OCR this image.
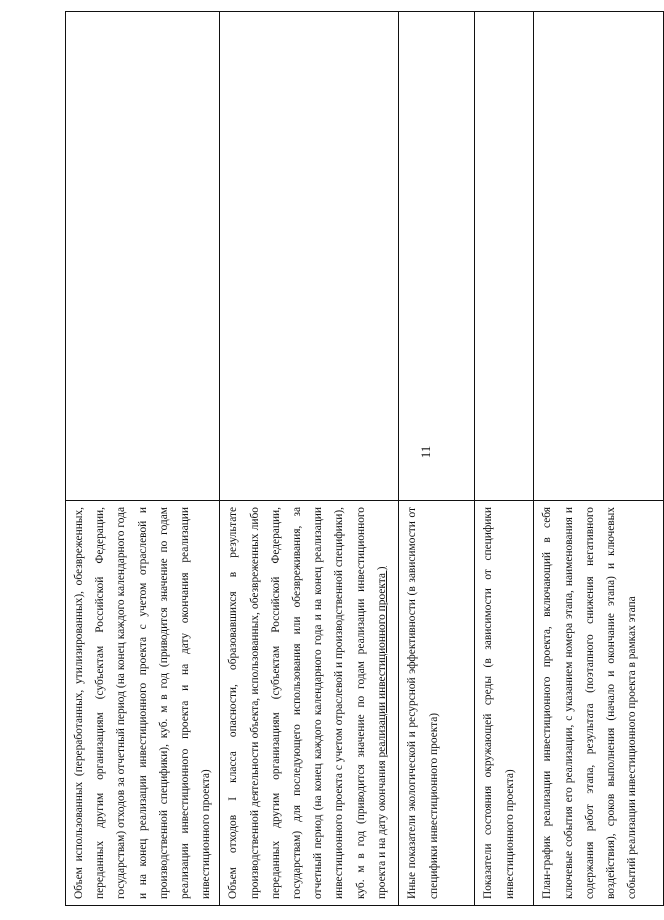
11
Объем использованных (переработанных, утилизированных), обезвреженных, переданных другим организациям (субъектам Российской Федерации, государствам) отходов за отчетный период (на конец каждого календарного года и на конец реализации инвестиционного проекта с учетом отраслевой и производственной специфики), куб. м в год (приводится значение по годам реализации инвестиционного проекта и на дату окончания реализации инвестиционного проекта)	
Объем отходов I класса опасности, образовавшихся в результате производственной деятельности объекта, использованных, обезвреженных либо переданных другим организациям (субъектам Российской Федерации, государствам) для последующего использования или обезвреживания, за отчетный период (на конец каждого календарного года и на конец реализации инвестиционного проекта с учетом отраслевой и производственной специфики), куб. м в год (приводится значение по годам реализации инвестиционного проекта и на дату окончания реализации инвестиционного проекта )	
Иные показатели экологической и ресурсной эффективности (в зависимости от специфики инвестиционного проекта)	
Показатели состояния окружающей среды (в зависимости от специфики инвестиционного проекта)	
План-график реализации инвестиционного проекта, включающий в себя ключевые события его реализации, с указанием номера этапа, наименования и содержания работ этапа, результата (поэтапного снижения негативного воздействия), сроков выполнения (начало и окончание этапа) и ключевых событий реализации инвестиционного проекта в рамках этапа	
